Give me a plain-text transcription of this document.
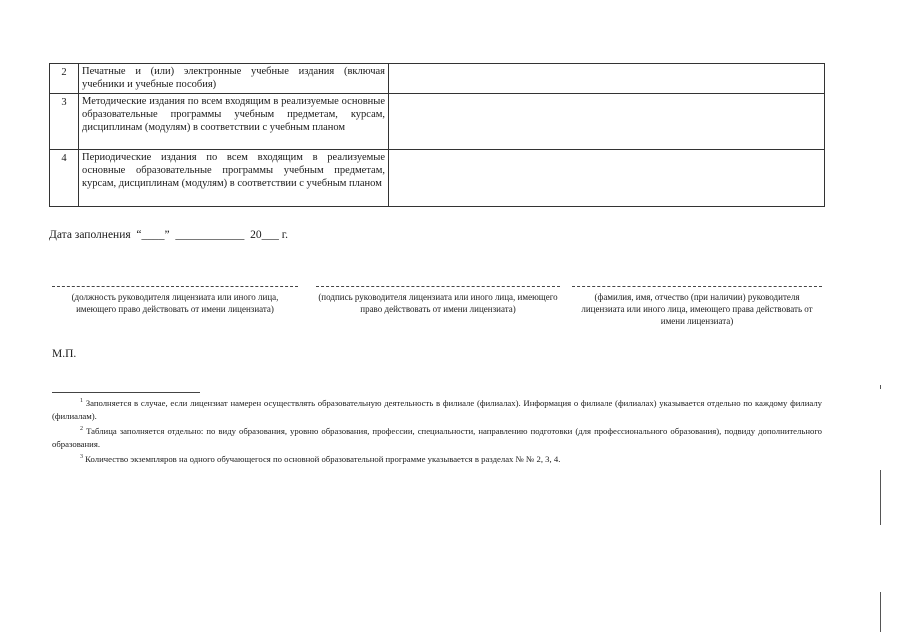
2	Печатные и (или) электронные учебные издания (включая учебники и учебные пособия)	
3	Методические издания по всем входящим в реализуемые основные образовательные программы учебным предметам, курсам, дисциплинам (модулям) в соответствии с учебным планом	
4	Периодические издания по всем входящим в реализуемые основные образовательные программы учебным предметам, курсам, дисциплинам (модулям) в соответствии с учебным планом	
Дата заполнения  “____”  ____________  20___ г.
(должность руководителя лицензиата или иного лица, имеющего право действовать от имени лицензиата)
(подпись руководителя лицензиата или иного лица, имеющего право действовать от имени лицензиата)
(фамилия, имя, отчество (при наличии) руководителя лицензиата или иного лица, имеющего права действовать от имени лицензиата)
М.П.

$^1$ Заполняется в случае, если лицензиат намерен осуществлять образовательную деятельность в филиале (филиалах). Информация о филиале (филиалах) указывается отдельно по каждому филиалу (филиалам).

$^2$ Таблица заполняется отдельно: по виду образования, уровню образования, профессии, специальности, направлению подготовки (для профессионального образования), подвиду дополнительного образования.

$^3$ Количество экземпляров на одного обучающегося по основной образовательной программе указывается в разделах № № 2, 3, 4.
